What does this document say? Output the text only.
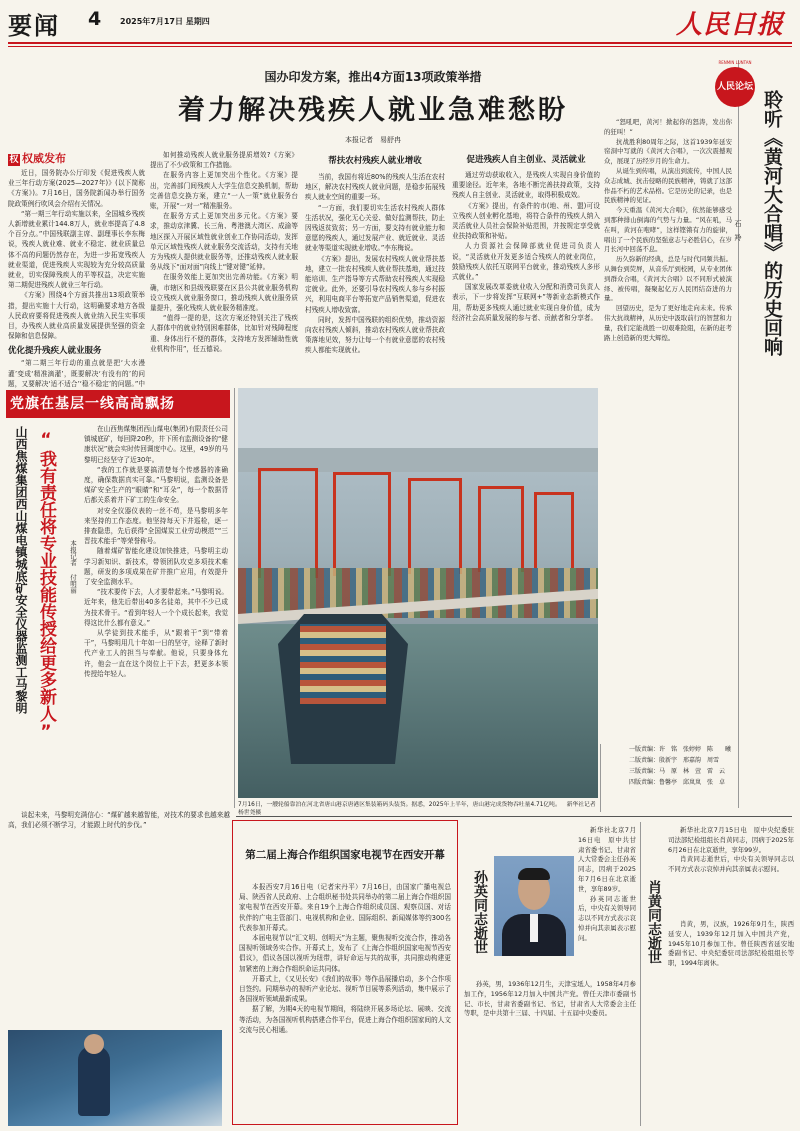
要闻 4 2025年7月17日 星期四	人民日报
国办印发方案，推出4方面13项政策举措
着力解决残疾人就业急难愁盼
本报记者　易舒冉
权 权威发布

近日，国务院办公厅印发《促进残疾人就业三年行动方案(2025—2027年)》(以下简称《方案》)。7月16日，国务院新闻办举行国务院政策例行吹风会介绍有关情况。

“第一期三年行动实施以来，全国城乡残疾人新增就业累计144.8万人，就业率提高了4.8个百分点。”中国残联副主席、副理事长李东梅说，残疾人就业难、就业不稳定、就业质量总体不高的问题仍然存在，为进一步拓宽残疾人就业渠道，促进残疾人实现较为充分较高质量就业，切实保障残疾人的平等权益，决定实施第二期促进残疾人就业三年行动。

《方案》围绕4个方面共推出13项政策举措，提出实施十大行动，这明确要求地方各级人民政府要将促进残疾人就业纳入民生实事项目，办残疾人就业高质量发展提供坚强的资金保障和信息保障。

优化提升残疾人就业服务

“第二期三年行动的重点就是把‘大水漫灌’变成‘精准滴灌’，既要解决‘有没有的’的问题，又要解决‘适不适合’‘稳不稳定’的问题。”中

如何推动残疾人就业服务提质增效?《方案》提出了不少政策和工作措施。

在服务内容上更加突出个性化。《方案》提出，完善部门间残疾人大学生信息交换机制，帮助完善信息交换方案，建立“一人一策”就业服务台账，开展“一对一”精准服务。

在服务方式上更加突出多元化。《方案》要求，推动京津冀、长三角、粤港澳大湾区、成渝等地区探入开展区域性就业创业工作协同活动，发挥单元区域性残疾人就业服务交流活动，支持有关地方为残疾人提供就业服务等，还推动残疾人就业服务从线下“面对面”向线上“键对键”延伸。

在服务效能上更加突出完善功能。《方案》明确，市辖区和县级残联要在区县公共就业服务机构设立残疾人就业服务窗口，推动残疾人就业服务质量提升，强化残疾人就业服务精准度。

“值得一提的是，这次方案还特别关注了残疾人群体中的就业特别困难群体，比如针对残障程度重、身体出行不便的群体，支持地方发挥辅助性就业机构作用”，任五德说。

帮扶农村残疾人就业增收

当前，我国有将近80%的残疾人生活在农村地区，解决农村残疾人就业问题，是稳步拓展残疾人就业空间的重要一环。

“一方面，我们要切实生活农村残疾人群体生活状况，强化无心关爱、做好监测帮扶，防止因残返贫致贫；另一方面，要支持有就业能力和意愿的残疾人，通过发展产业、就近就业、灵活就业等渠道实现就业增收。”李东梅说。

《方案》提出，发展农村残疾人就业帮扶基地，建立一批农村残疾人就业帮扶基地，通过技能培训、生产指导等方式帮助农村残疾人实现稳定就业。此外，还要引导农村残疾人参与乡村振兴，利用电商平台等拓宽产品销售渠道，促进农村残疾人增收致富。

同时，发挥中国残联的组织优势，推动资源向农村残疾人倾斜，推动农村残疾人就业帮扶政策落地见效，努力让每一个有就业意愿的农村残疾人都能实现就业。

促进残疾人自主创业、灵活就业

通过劳动获取收入，是残疾人实现自身价值的重要途径。近年来，各地不断完善扶持政策，支持残疾人自主创业、灵活就业，取得积极成效。

《方案》提出，有条件的市(地、州、盟)可设立残疾人创业孵化基地，将符合条件的残疾人纳入灵活就业人员社会保险补贴范围，并按规定享受就业扶持政策和补贴。

人力资源社会保障部就业促进司负责人说，“灵活就业开发更多适合残疾人的就业岗位，鼓励残疾人依托互联网平台就业，推动残疾人多形式就业。”

国家发展改革委就业收入分配和消费司负责人表示，下一步将发挥“互联网+”等新业态新模式作用，帮助更多残疾人通过就业实现自身价值，成为经济社会高质量发展的参与者、贡献者和分享者。

RENMIN LUNTAN
人民论坛
聆听《黄河大合唱》的历史回响
石　羚

“怒吼吧，黄河！掀起你的怒涛，发出你的狂叫！”

抗战胜利80周年之际，这首1939年延安窑洞中写就的《黄河大合唱》，一次次震撼观众，展现了历经岁月的生命力。

从诞生到传唱，从演出到流传，中国人民众志成城、抗击侵略的民族精神，铸就了这部作品不朽的艺术品格。它是历史的记录，也是民族精神的见证。

今天重温《黄河大合唱》，依然能够感受到那种排山倒海的气势与力量。“风在吼，马在叫，黄河在咆哮”，这样铿锵有力的旋律，唱出了一个民族的坚强意志与必胜信心，在岁月长河中回荡不息。

历久弥新的经典，总是与时代同频共振。从舞台到荧屏，从音乐厅到校园，从专业团体到群众合唱，《黄河大合唱》以不同形式被演绎、被传唱，凝聚起亿万人民团结奋进的力量。

回望历史，是为了更好地走向未来。传承伟大抗战精神，从历史中汲取前行的智慧和力量，我们定能战胜一切艰难险阻，在新的赶考路上创造新的更大辉煌。

党旗在基层一线高高飘扬
山西焦煤集团西山煤电镇城底矿安全仪器监测工马黎明 “我有责任将专业技能传授给更多新人”	本报记者 付明丽

在山西焦煤集团西山煤电(集团)有限责任公司镇城底矿，每回降20秒，井下所有监测设备的“健康状况”就会实时传回调度中心。这里，49岁的马黎明已经坚守了近30年。

“我的工作就是要搞清楚每个传感器的准确度，确保数据真实可靠。”马黎明说，监测设备是煤矿安全生产的“眼睛”和“耳朵”，每一个数据背后都关系着井下矿工的生命安全。

对安全仪器仪表的一丝不苟，是马黎明多年来坚持的工作态度。他坚持每天下井巡检，逐一排查隐患，先后获得“全国煤炭工业劳动模范”“三晋技术能手”等荣誉称号。

随着煤矿智能化建设加快推进，马黎明主动学习新知识、新技术，带领团队攻克多项技术难题，研发的多项成果在矿井推广应用，有效提升了安全监测水平。

“技术要传下去，人才要带起来。”马黎明说。近年来，他先后带出40多名徒弟，其中不少已成为技术骨干。“看到年轻人一个个成长起来，我觉得这比什么都有意义。”

从学徒到技术能手，从“跟着干”到“带着干”，马黎明用几十年如一日的坚守，诠释了新时代产业工人的担当与奉献。他说，只要身体允许，他会一直在这个岗位上干下去，把更多本领传授给年轻人。

谈起未来，马黎明充满信心：“煤矿越来越智能，对技术的要求也越来越高，我们必须不断学习，才能跟上时代的步伐。”

7月16日，一艘轮船靠泊在河北省唐山港京唐港区集装箱码头装货。据悉，2025年上半年，唐山港完成货物吞吐量4.71亿吨。 新华社记者　杨世尧摄
一版责编：许　铭　张婷婷　陈　　曦
二版责编：殷新宇　邢嘉韵　周雪　　
三版责编：马　原　林　萱　雷　云
四版责编：鲁馨亭　邱岚岚　张　卓
第二届上海合作组织国家电视节在西安开幕

本报西安7月16日电（记者宋丹平）7月16日，由国家广播电视总局、陕西省人民政府、上合组织秘书处共同举办的第二届上海合作组织国家电视节在西安开幕。来自19个上海合作组织成员国、观察员国、对话伙伴的广电主管部门、电视机构和企业、国际组织、新闻媒体等约300名代表参加开幕式。

本届电视节以“汇文明、创明天”为主题，聚焦视听交流合作，推动各国视听领域务实合作。开幕式上，发布了《上海合作组织国家电视节西安倡议》，倡议各国以视听为纽带，讲好命运与共的故事，共同推动构建更加紧密的上海合作组织命运共同体。

开幕式上，《又见长安》《我们的故事》等作品展播启动，多个合作项目签约。同期举办的视听产业论坛、视听节目展等系列活动，集中展示了各国视听领域最新成果。

据了解，为期4天的电视节期间，将陆续开展多场论坛、展映、交流等活动，为各国视听机构搭建合作平台，促进上海合作组织国家间的人文交流与民心相通。

孙英同志逝世

新华社北京7月16日电　原中共甘肃省委书记、甘肃省人大常委会主任孙英同志，因病于2025年7月6日在北京逝世，享年89岁。

孙英同志逝世后，中央有关领导同志以不同方式表示哀悼并向其亲属表示慰问。

孙英，男，1936年12月生，天津宝坻人，1958年4月参加工作，1956年12月加入中国共产党。曾任天津市委副书记、市长，甘肃省委副书记、书记，甘肃省人大常委会主任等职，是中共第十三届、十四届、十五届中央委员。

肖黄同志逝世

新华社北京7月15日电　原中央纪委驻司法部纪检组组长肖黄同志，因病于2025年6月26日在北京逝世，享年99岁。

肖黄同志逝世后，中央有关领导同志以不同方式表示哀悼并向其亲属表示慰问。

肖黄，男，汉族，1926年9月生，陕西延安人，1939年12月加入中国共产党，1945年10月参加工作。曾任陕西省延安地委副书记、中央纪委驻司法部纪检组组长等职，1994年离休。
